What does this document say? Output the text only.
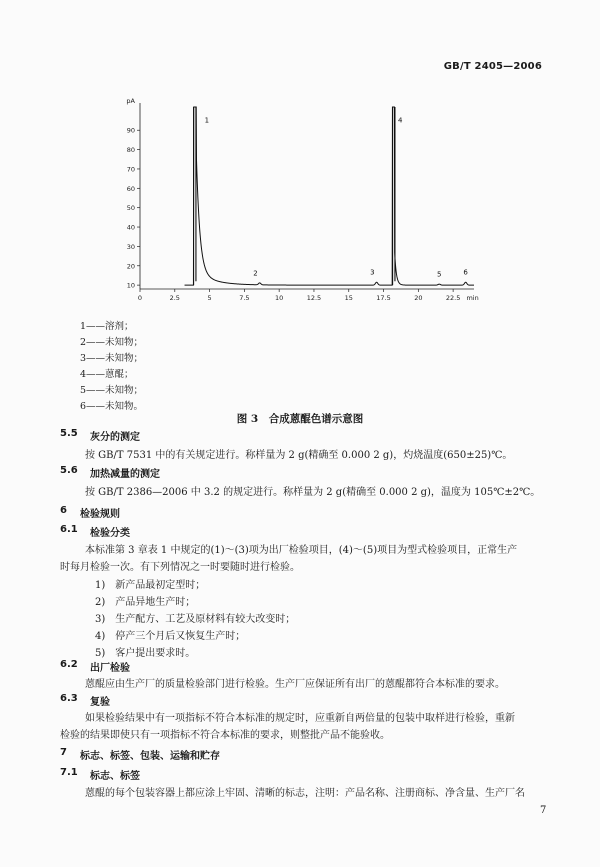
GB/T 2405—2006
10
20
30
40
50
60
70
80
90
pA
0	2.5	5	7.5	10	12.5	15	17.5	20	22.5 min
1
2	3
4
5	6
1——溶剂；
2——未知物；
3——未知物；
4——蒽醌；
5——未知物；
6——未知物。
图 3　合成蒽醌色谱示意图
5.5 灰分的测定
按 GB/T 7531 中的有关规定进行。称样量为 2 g(精确至 0.000 2 g)，灼烧温度(650±25)℃。
5.6 加热减量的测定
按 GB/T 2386—2006 中 3.2 的规定进行。称样量为 2 g(精确至 0.000 2 g)，温度为 105℃±2℃。
6 检验规则
6.1 检验分类
本标准第 3 章表 1 中规定的(1)～(3)项为出厂检验项目，(4)～(5)项目为型式检验项目，正常生产
时每月检验一次。有下列情况之一时要随时进行检验。
1)　新产品最初定型时；
2)　产品异地生产时；
3)　生产配方、工艺及原材料有较大改变时；
4)　停产三个月后又恢复生产时；
5)　客户提出要求时。
6.2 出厂检验
蒽醌应由生产厂的质量检验部门进行检验。生产厂应保证所有出厂的蒽醌都符合本标准的要求。
6.3 复验
如果检验结果中有一项指标不符合本标准的规定时，应重新自两倍量的包装中取样进行检验，重新
检验的结果即使只有一项指标不符合本标准的要求，则整批产品不能验收。
7 标志、标签、包装、运输和贮存
7.1 标志、标签
蒽醌的每个包装容器上都应涂上牢固、清晰的标志，注明：产品名称、注册商标、净含量、生产厂名
7
